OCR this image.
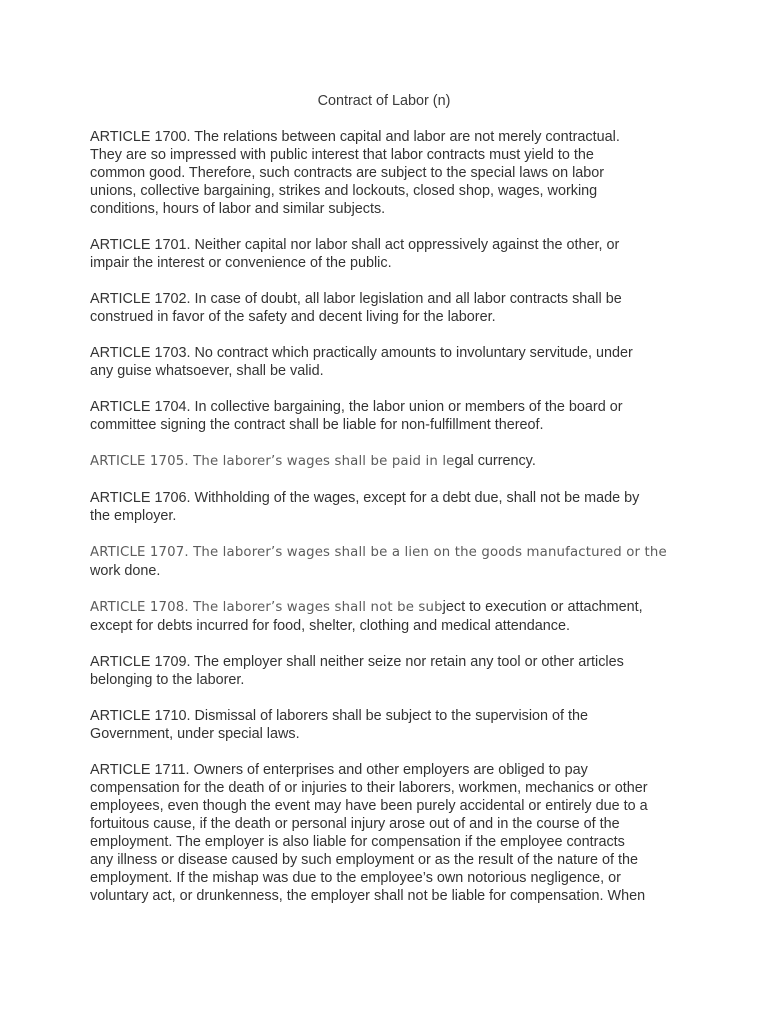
Contract of Labor (n)

ARTICLE 1700. The relations between capital and labor are not merely contractual.
They are so impressed with public interest that labor contracts must yield to the
common good. Therefore, such contracts are subject to the special laws on labor
unions, collective bargaining, strikes and lockouts, closed shop, wages, working
conditions, hours of labor and similar subjects.

ARTICLE 1701. Neither capital nor labor shall act oppressively against the other, or
impair the interest or convenience of the public.

ARTICLE 1702. In case of doubt, all labor legislation and all labor contracts shall be
construed in favor of the safety and decent living for the laborer.

ARTICLE 1703. No contract which practically amounts to involuntary servitude, under
any guise whatsoever, shall be valid.

ARTICLE 1704. In collective bargaining, the labor union or members of the board or
committee signing the contract shall be liable for non-fulfillment thereof.

ARTICLE 1705. The laborer’s wages shall be paid in legal currency.

ARTICLE 1706. Withholding of the wages, except for a debt due, shall not be made by
the employer.

ARTICLE 1707. The laborer’s wages shall be a lien on the goods manufactured or the
work done.

ARTICLE 1708. The laborer’s wages shall not be subject to execution or attachment,
except for debts incurred for food, shelter, clothing and medical attendance.

ARTICLE 1709. The employer shall neither seize nor retain any tool or other articles
belonging to the laborer.

ARTICLE 1710. Dismissal of laborers shall be subject to the supervision of the
Government, under special laws.

ARTICLE 1711. Owners of enterprises and other employers are obliged to pay
compensation for the death of or injuries to their laborers, workmen, mechanics or other
employees, even though the event may have been purely accidental or entirely due to a
fortuitous cause, if the death or personal injury arose out of and in the course of the
employment. The employer is also liable for compensation if the employee contracts
any illness or disease caused by such employment or as the result of the nature of the
employment. If the mishap was due to the employee’s own notorious negligence, or
voluntary act, or drunkenness, the employer shall not be liable for compensation. When
